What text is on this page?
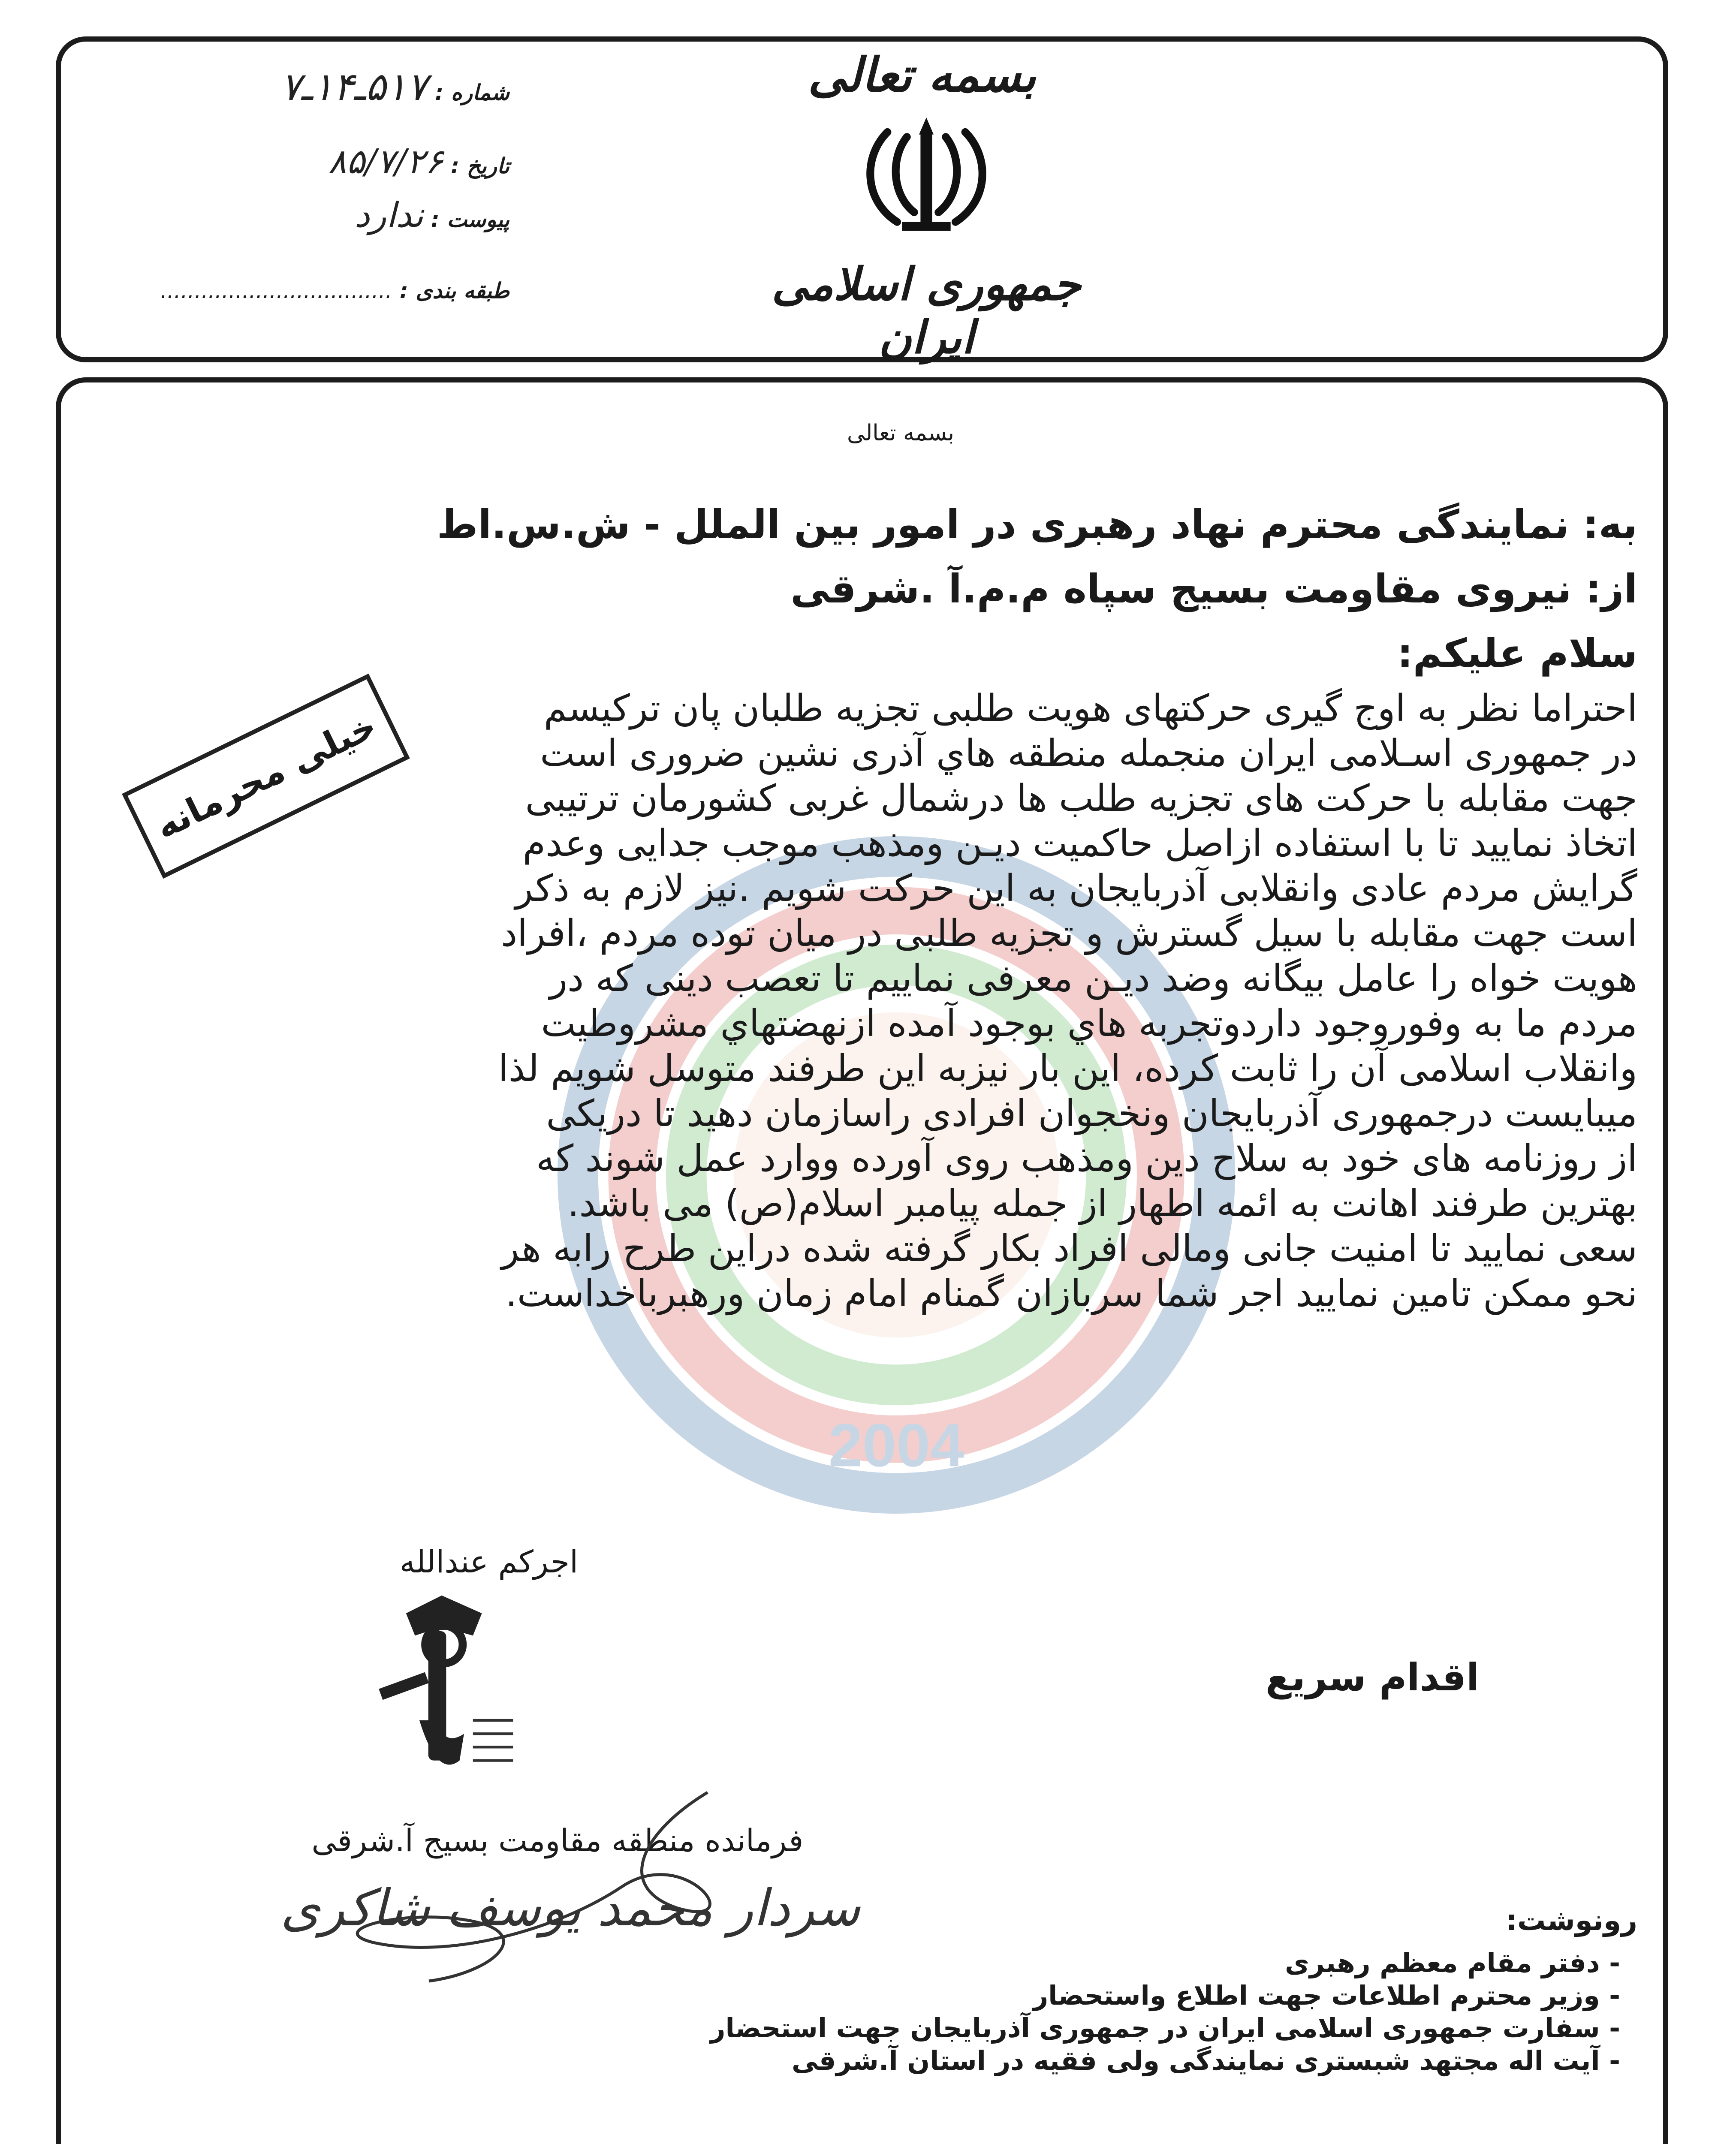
شماره : ۵۱۷ـ۱۴ـ۷
تاریخ : ۸۵/۷/۲۶
پیوست : ندارد
طبقه بندی : ..................................
بسمه تعالی
جمهوری اسلامی ایران
2004
بسمه تعالی
به: نمایندگی محترم نهاد رهبری در امور بین الملل - ش.س.اط
از: نیروی مقاومت بسیج سپاه م.م.آ .شرقی
سلام علیکم:
خیلی محرمانه	احتراما نظر به اوج گیری حرکتهای هویت طلبی تجزیه طلبان پان ترکیسم

در جمهوری اسـلامی ایران منجمله منطقه هاي آذری نشین ضروری است

جهت مقابله با حرکت های تجزیه طلب ها درشمال غربی کشورمان ترتیبی

اتخاذ نمایید تا با استفاده ازاصل حاکمیت دیـن ومذهب موجب جدایی وعدم

گرایش مردم عادی وانقلابی آذربایجان به این حرکت شویم .نیز لازم به ذکر

است جهت مقابله با سیل گسترش و تجزیه طلبی در میان توده مردم ،افراد

هویت خواه را عامل بیگانه وضد دیـن معرفی نماییم تا تعصب دینی که در

مردم ما به وفوروجود داردوتجربه هاي بوجود آمده ازنهضتهاي مشروطیت

وانقلاب اسلامی آن را ثابت کرده، این بار نیزبه این طرفند متوسل شویم لذا

میبایست درجمهوری آذربایجان ونخجوان افرادی راسازمان دهید تا دریکی

از روزنامه های خود به سلاح دین ومذهب روی آورده ووارد عمل شوند که

بهترین طرفند اهانت به ائمه اطهار از جمله پیامبر اسلام(ص) می باشد.

سعی نمایید تا امنیت جانی ومالی افراد بکار گرفته شده دراین طرح رابه هر

نحو ممکن تامین نمایید اجر شما سربازان گمنام امام زمان ورهبرباخداست.

اجرکم عندالله
اقدام سریع
فرمانده منطقه مقاومت بسیج آ.شرقی
سردار محمد یوسف شاکری	رونوشت:

- دفتر مقام معظم رهبری

- وزیر محترم اطلاعات جهت اطلاع واستحضار

- سفارت جمهوری اسلامی ایران در جمهوری آذربایجان جهت استحضار

- آیت اله مجتهد شبستری نمایندگی ولی فقیه در استان آ.شرقی
